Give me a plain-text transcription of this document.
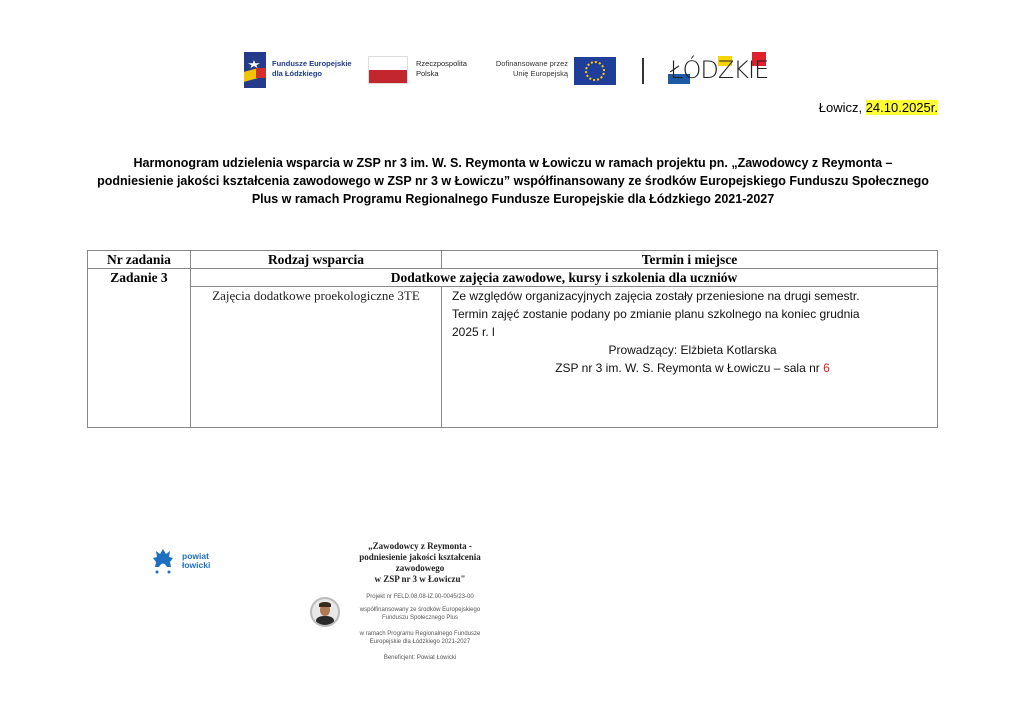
Fundusze Europejskie
dla Łódzkiego
Rzeczpospolita
Polska
Dofinansowane przez
Unię Europejską	ŁÓDZKIE
Łowicz, 24.10.2025r.
Harmonogram udzielenia wsparcia w ZSP nr 3 im. W. S. Reymonta w Łowiczu w ramach projektu pn. „Zawodowcy z Reymonta –
podniesienie jakości kształcenia zawodowego w ZSP nr 3 w Łowiczu” współfinansowany ze środków Europejskiego Funduszu Społecznego
Plus w ramach Programu Regionalnego Fundusze Europejskie dla Łódzkiego 2021-2027
Nr zadania	Rodzaj wsparcia	Termin i miejsce
Zadanie 3	Dodatkowe zajęcia zawodowe, kursy i szkolenia dla uczniów	
	Zajęcia dodatkowe proekologiczne 3TE	Ze względów organizacyjnych zajęcia zostały przeniesione na drugi semestr.
Termin zajęć zostanie podany po zmianie planu szkolnego na koniec grudnia
2025 r. l
Prowadzący: Elżbieta Kotlarska
ZSP nr 3 im. W. S. Reymonta w Łowiczu – sala nr 6
powiat
łowicki
„Zawodowcy z Reymonta -
podniesienie jakości kształcenia
zawodowego
w ZSP nr 3 w Łowiczu"
Projekt nr FELD.08.08-IZ.00-0045/23-00
współfinansowany ze środków Europejskiego
Funduszu Społecznego Plus
w ramach Programu Regionalnego Fundusze
Europejskie dla Łódzkiego 2021-2027
Beneficjent: Powiat Łowicki
